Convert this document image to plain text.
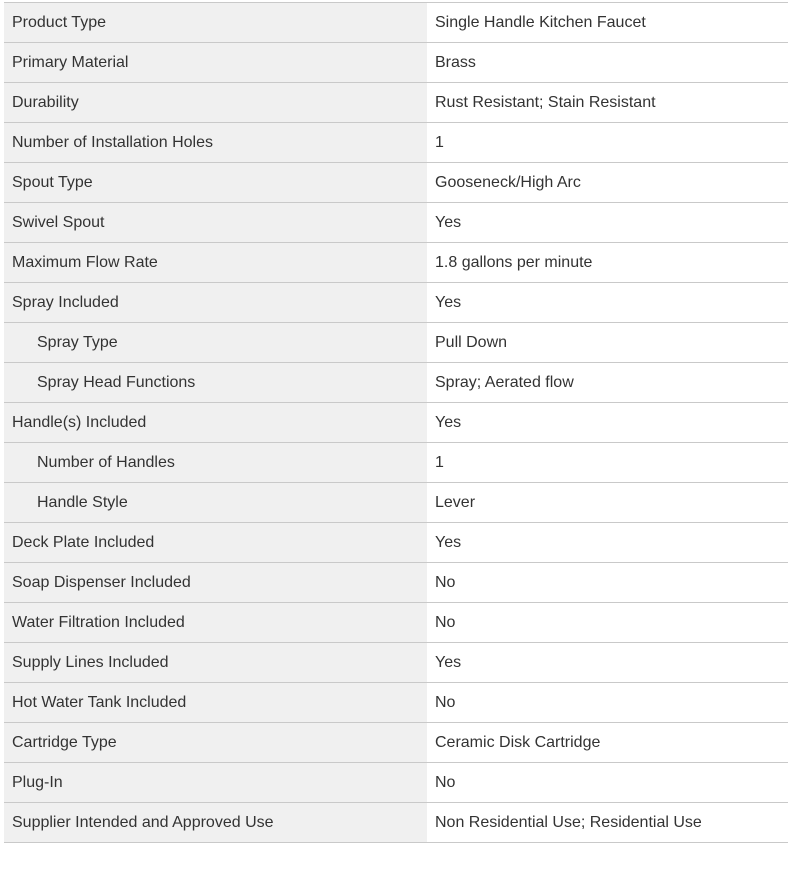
Product Type	Single Handle Kitchen Faucet
Primary Material	Brass
Durability	Rust Resistant; Stain Resistant
Number of Installation Holes	1
Spout Type	Gooseneck/High Arc
Swivel Spout	Yes
Maximum Flow Rate	1.8 gallons per minute
Spray Included	Yes
Spray Type	Pull Down
Spray Head Functions	Spray; Aerated flow
Handle(s) Included	Yes
Number of Handles	1
Handle Style	Lever
Deck Plate Included	Yes
Soap Dispenser Included	No
Water Filtration Included	No
Supply Lines Included	Yes
Hot Water Tank Included	No
Cartridge Type	Ceramic Disk Cartridge
Plug-In	No
Supplier Intended and Approved Use	Non Residential Use; Residential Use
